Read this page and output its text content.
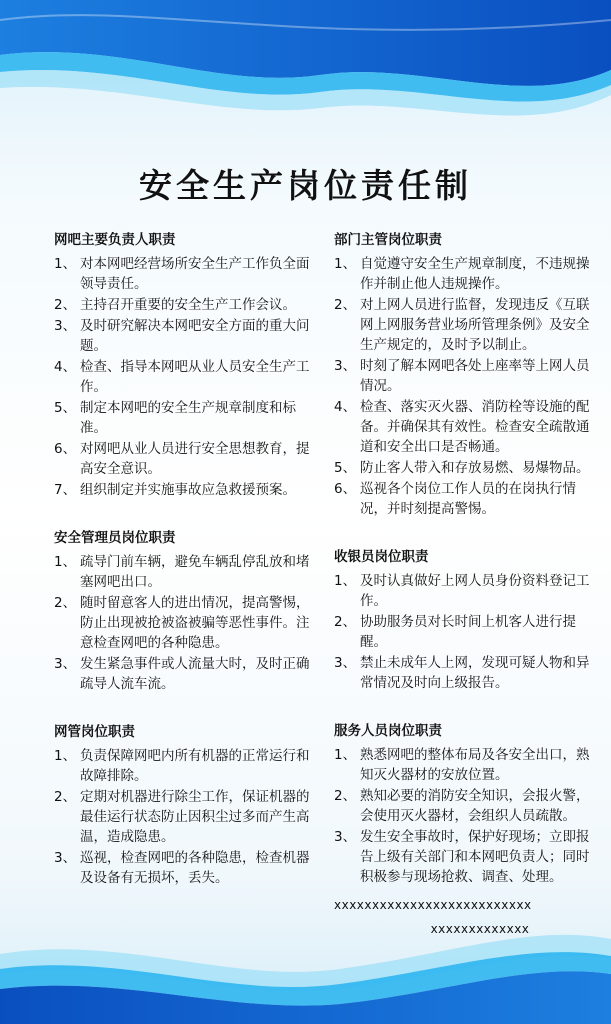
安全生产岗位责任制
网吧主要负责人职责
1、 对本网吧经营场所安全生产工作负全面领导责任。
2、 主持召开重要的安全生产工作会议。
3、 及时研究解决本网吧安全方面的重大问题。
4、 检查、指导本网吧从业人员安全生产工作。
5、 制定本网吧的安全生产规章制度和标准。
6、 对网吧从业人员进行安全思想教育，提高安全意识。
7、 组织制定并实施事故应急救援预案。
安全管理员岗位职责
1、 疏导门前车辆，避免车辆乱停乱放和堵塞网吧出口。
2、 随时留意客人的进出情况，提高警惕，防止出现被抢被盗被骗等恶性事件。注意检查网吧的各种隐患。
3、 发生紧急事件或人流量大时，及时正确疏导人流车流。
网管岗位职责
1、 负责保障网吧内所有机器的正常运行和故障排除。
2、 定期对机器进行除尘工作，保证机器的最佳运行状态防止因积尘过多而产生高温，造成隐患。
3、 巡视，检查网吧的各种隐患，检查机器及设备有无损坏，丢失。
部门主管岗位职责
1、 自觉遵守安全生产规章制度，不违规操作并制止他人违规操作。
2、 对上网人员进行监督，发现违反《互联网上网服务营业场所管理条例》及安全生产规定的，及时予以制止。
3、 时刻了解本网吧各处上座率等上网人员情况。
4、 检查、落实灭火器、消防栓等设施的配备。并确保其有效性。检查安全疏散通道和安全出口是否畅通。
5、 防止客人带入和存放易燃、易爆物品。
6、 巡视各个岗位工作人员的在岗执行情况，并时刻提高警惕。
收银员岗位职责
1、 及时认真做好上网人员身份资料登记工作。
2、 协助服务员对长时间上机客人进行提醒。
3、 禁止未成年人上网，发现可疑人物和异常情况及时向上级报告。
服务人员岗位职责
1、 熟悉网吧的整体布局及各安全出口，熟知灭火器材的安放位置。
2、 熟知必要的消防安全知识，会报火警，会使用灭火器材，会组织人员疏散。
3、 发生安全事故时，保护好现场；立即报告上级有关部门和本网吧负责人；同时积极参与现场抢救、调查、处理。
xxxxxxxxxxxxxxxxxxxxxxxxxx
xxxxxxxxxxxxx
